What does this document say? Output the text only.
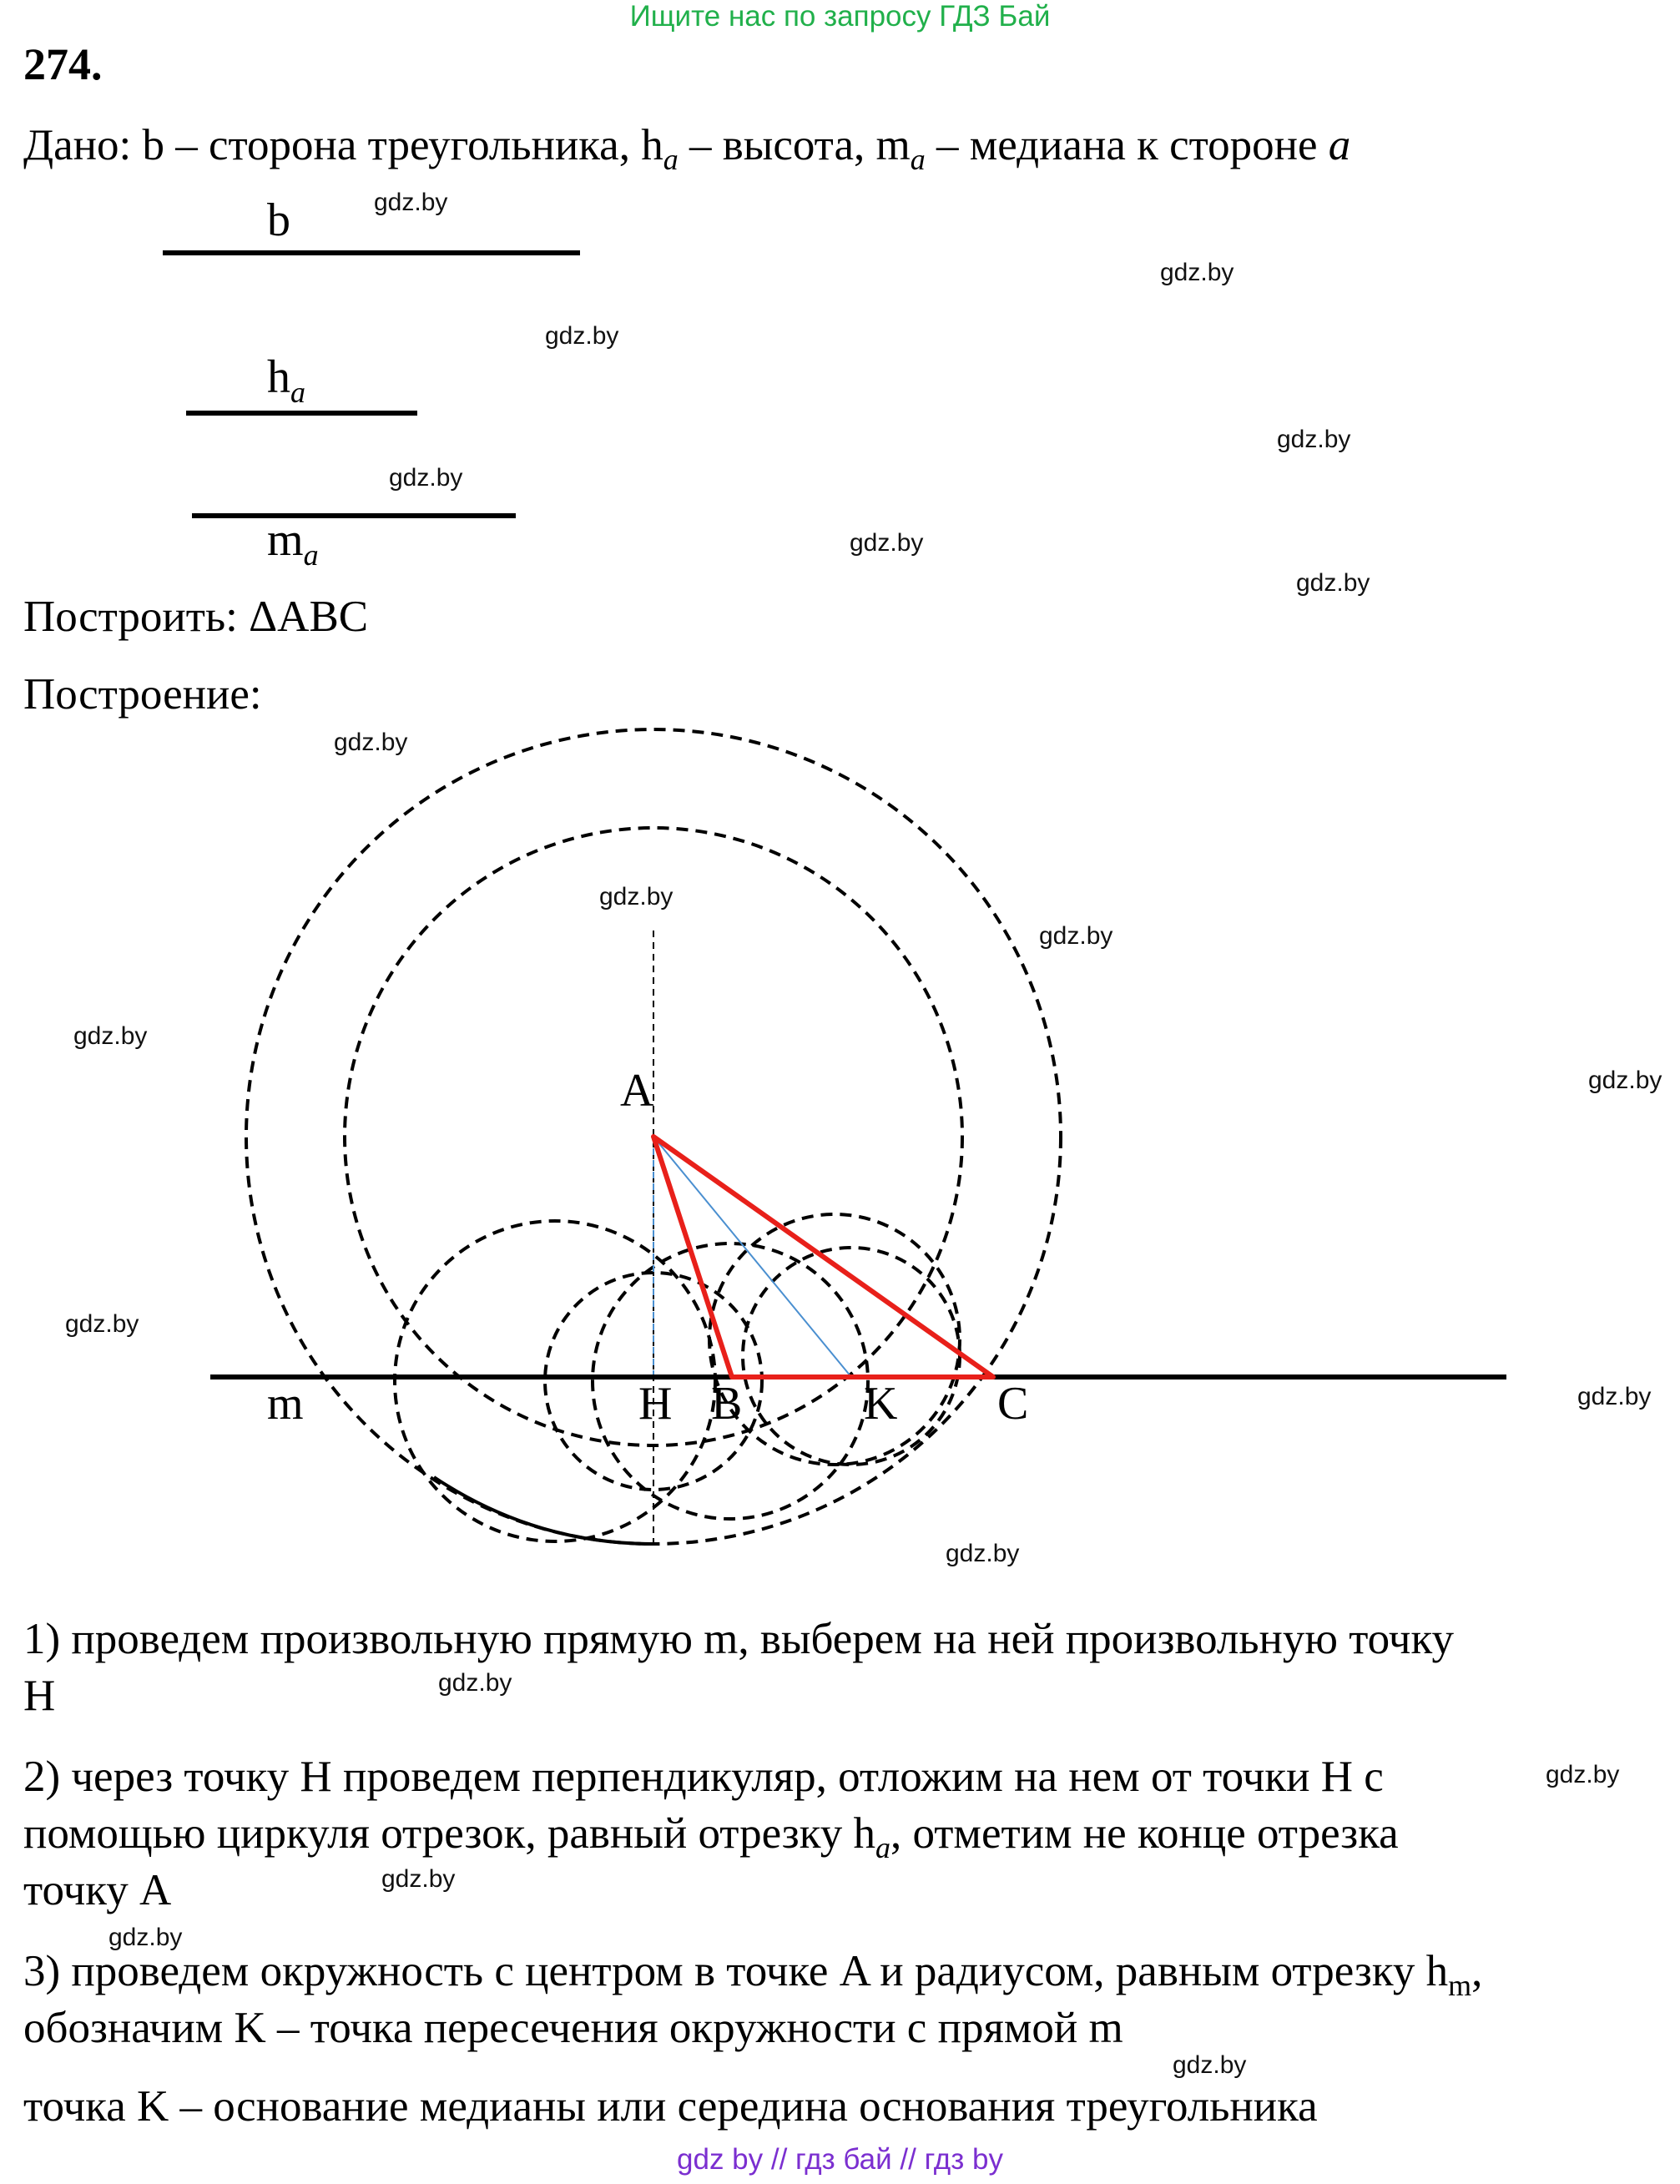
Ищите нас по запросу ГДЗ Бай
274.
Дано: b – сторона треугольника, $h_a$ – высота, $m_a$ – медиана к стороне a
b
$h_a$
$m_a$
Построить: ΔABC
Построение:
A
H B	K C
m
1) проведем произвольную прямую m, выберем на ней произвольную точку
H
2) через точку H проведем перпендикуляр, отложим на нем от точки H с
помощью циркуля отрезок, равный отрезку $h_a$, отметим не конце отрезка
точку A
3) проведем окружность с центром в точке A и радиусом, равным отрезку $h_m$,
обозначим K – точка пересечения окружности с прямой m
точка K – основание медианы или середина основания треугольника
gdz.by
gdz.by
gdz.by
gdz.by
gdz.by
gdz.by
gdz.by
gdz.by
gdz.by
gdz.by
gdz.by
gdz.by
gdz.by
gdz.by
gdz.by
gdz.by
gdz.by
gdz.by
gdz.by
gdz.by
gdz by // гдз бай // гдз by
